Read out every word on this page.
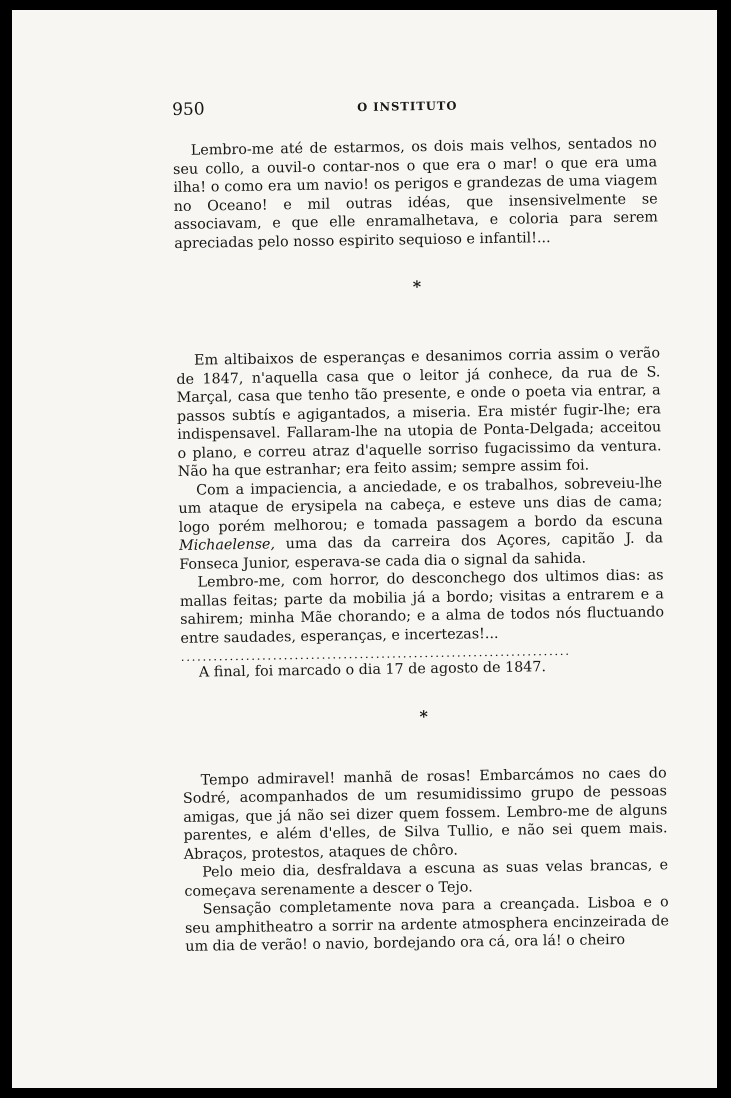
950	O INSTITUTO

Lembro-me até de estarmos, os dois mais velhos, sentados no seu collo, a ouvil-o contar-nos o que era o mar! o que era uma ilha! o como era um navio! os perigos e grandezas de uma viagem no Oceano! e mil outras idéas, que insensivelmente se associavam, e que elle enramalhetava, e coloria para serem apreciadas pelo nosso espirito sequioso e infantil!...

*

Em altibaixos de esperanças e desanimos corria assim o verão de 1847, n'aquella casa que o leitor já conhece, da rua de S. Marçal, casa que tenho tão presente, e onde o poeta via entrar, a passos subtís e agigantados, a miseria. Era mistér fugir-lhe; era indispensavel. Fallaram-lhe na utopia de Ponta-Delgada; acceitou o plano, e correu atraz d'aquelle sorriso fugacissimo da ventura. Não ha que estranhar; era feito assim; sempre assim foi.

Com a impaciencia, a anciedade, e os trabalhos, sobreveiu-lhe um ataque de erysipela na cabeça, e esteve uns dias de cama; logo porém melhorou; e tomada passagem a bordo da escuna Michaelense, uma das da carreira dos Açores, capitão J. da Fonseca Junior, esperava-se cada dia o signal da sahida.

Lembro-me, com horror, do desconchego dos ultimos dias: as mallas feitas; parte da mobilia já a bordo; visitas a entrarem e a sahirem; minha Mãe chorando; e a alma de todos nós fluctuando entre saudades, esperanças, e incertezas!...

........................................................................

A final, foi marcado o dia 17 de agosto de 1847.

*

Tempo admiravel! manhã de rosas! Embarcámos no caes do Sodré, acompanhados de um resumidissimo grupo de pessoas amigas, que já não sei dizer quem fossem. Lembro-me de alguns parentes, e além d'elles, de Silva Tullio, e não sei quem mais. Abraços, protestos, ataques de chôro.

Pelo meio dia, desfraldava a escuna as suas velas brancas, e começava serenamente a descer o Tejo.

Sensação completamente nova para a creançada. Lisboa e o seu amphitheatro a sorrir na ardente atmosphera encinzeirada de um dia de verão! o navio, bordejando ora cá, ora lá! o cheiro
